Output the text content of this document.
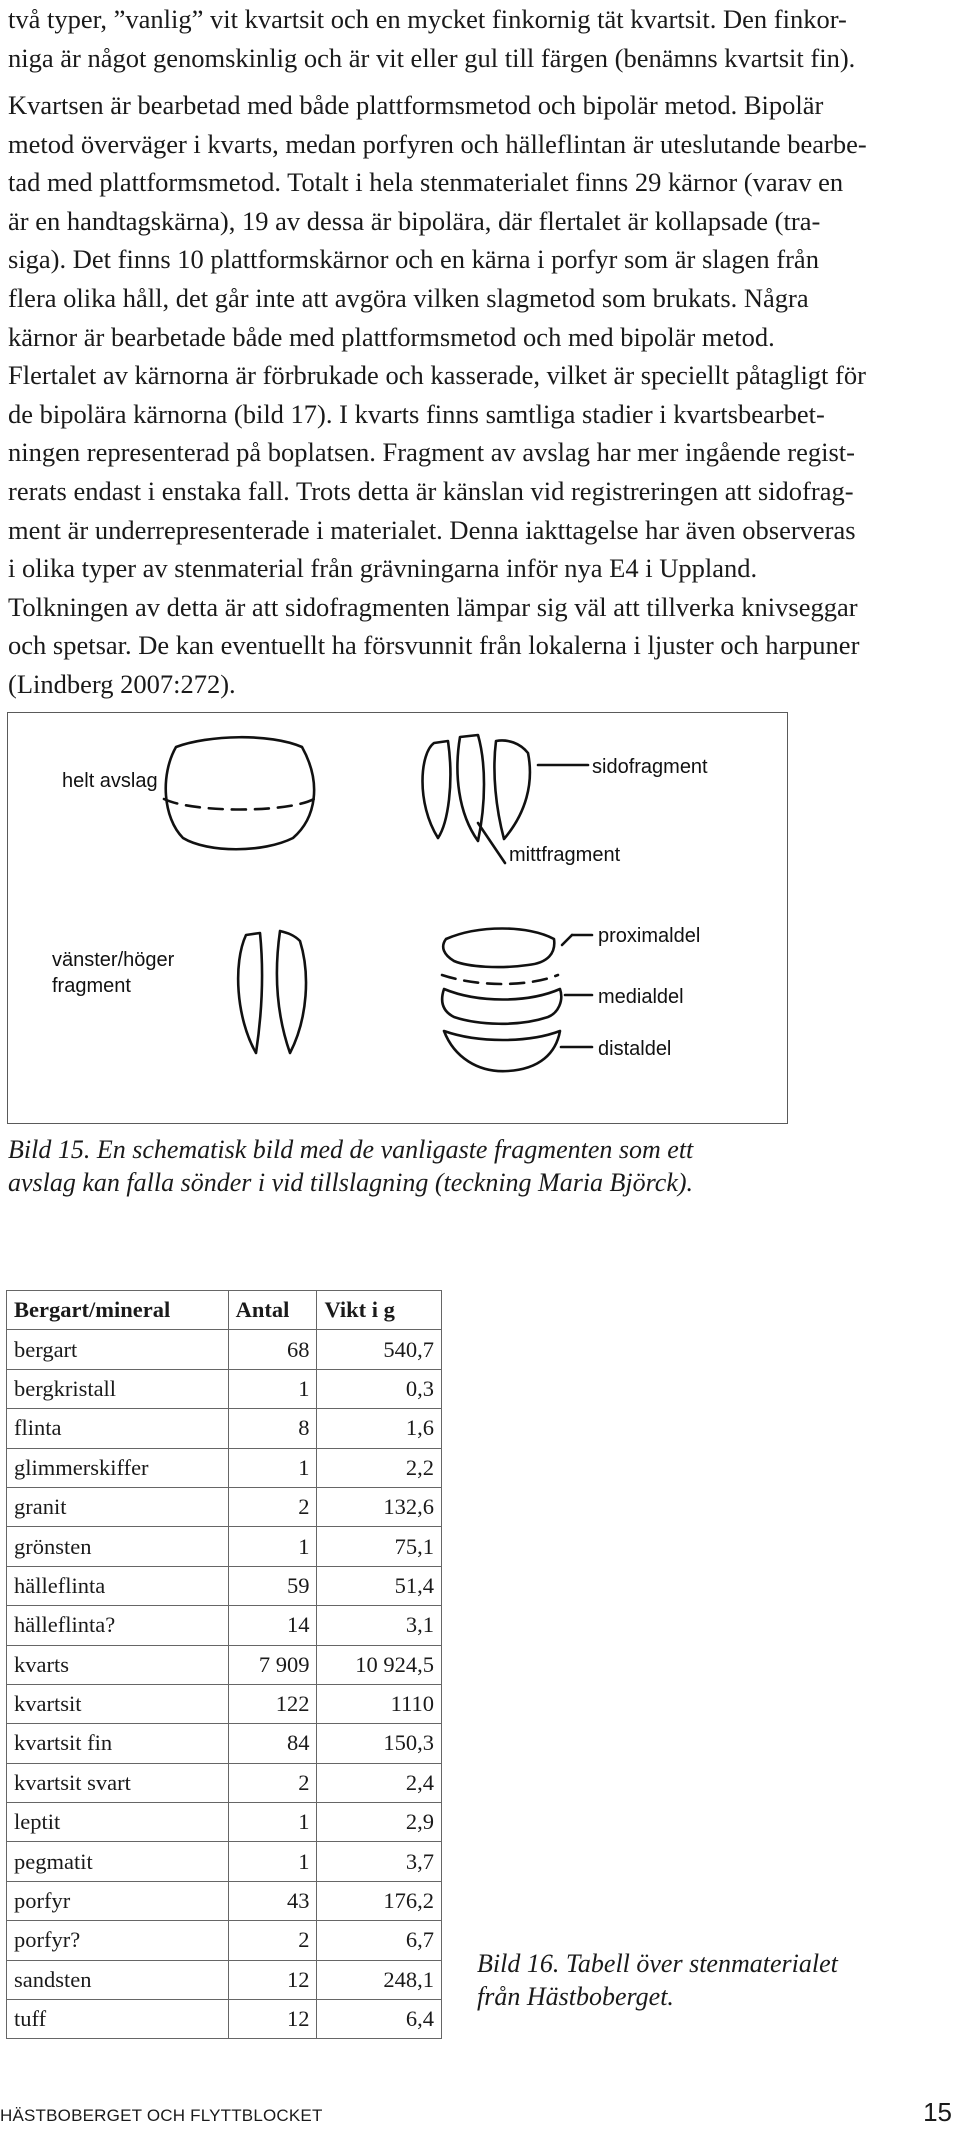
två typer, ”vanlig” vit kvartsit och en mycket finkornig tät kvartsit. Den finkor-
niga är något genomskinlig och är vit eller gul till färgen (benämns kvartsit fin).
Kvartsen är bearbetad med både plattformsmetod och bipolär metod. Bipolär
metod överväger i kvarts, medan porfyren och hälleflintan är uteslutande bearbe-
tad med plattformsmetod. Totalt i hela stenmaterialet finns 29 kärnor (varav en
är en handtagskärna), 19 av dessa är bipolära, där flertalet är kollapsade (tra-
siga). Det finns 10 plattformskärnor och en kärna i porfyr som är slagen från
flera olika håll, det går inte att avgöra vilken slagmetod som brukats. Några
kärnor är bearbetade både med plattformsmetod och med bipolär metod.
Flertalet av kärnorna är förbrukade och kasserade, vilket är speciellt påtagligt för
de bipolära kärnorna (bild 17). I kvarts finns samtliga stadier i kvartsbearbet-
ningen representerad på boplatsen. Fragment av avslag har mer ingående regist-
rerats endast i enstaka fall. Trots detta är känslan vid registreringen att sidofrag-
ment är underrepresenterade i materialet. Denna iakttagelse har även observeras
i olika typer av stenmaterial från grävningarna inför nya E4 i Uppland.
Tolkningen av detta är att sidofragmenten lämpar sig väl att tillverka knivseggar
och spetsar. De kan eventuellt ha försvunnit från lokalerna i ljuster och harpuner
(Lindberg 2007:272).
helt avslag
sidofragment
mittfragment
vänster/höger
fragment
proximaldel
medialdel
distaldel

Bild 15. En schematisk bild med de vanligaste fragmenten som ett
avslag kan falla sönder i vid tillslagning (teckning Maria Björck).

Bergart/mineral	Antal	Vikt i g
bergart	68	540,7
bergkristall	1	0,3
flinta	8	1,6
glimmerskiffer	1	2,2
granit	2	132,6
grönsten	1	75,1
hälleflinta	59	51,4
hälleflinta?	14	3,1
kvarts	7 909	10 924,5
kvartsit	122	1110
kvartsit fin	84	150,3
kvartsit svart	2	2,4
leptit	1	2,9
pegmatit	1	3,7
porfyr	43	176,2
porfyr?	2	6,7
sandsten	12	248,1
tuff	12	6,4

Bild 16. Tabell över stenmaterialet
från Hästboberget.

HÄSTBOBERGET OCH FLYTTBLOCKET	15
